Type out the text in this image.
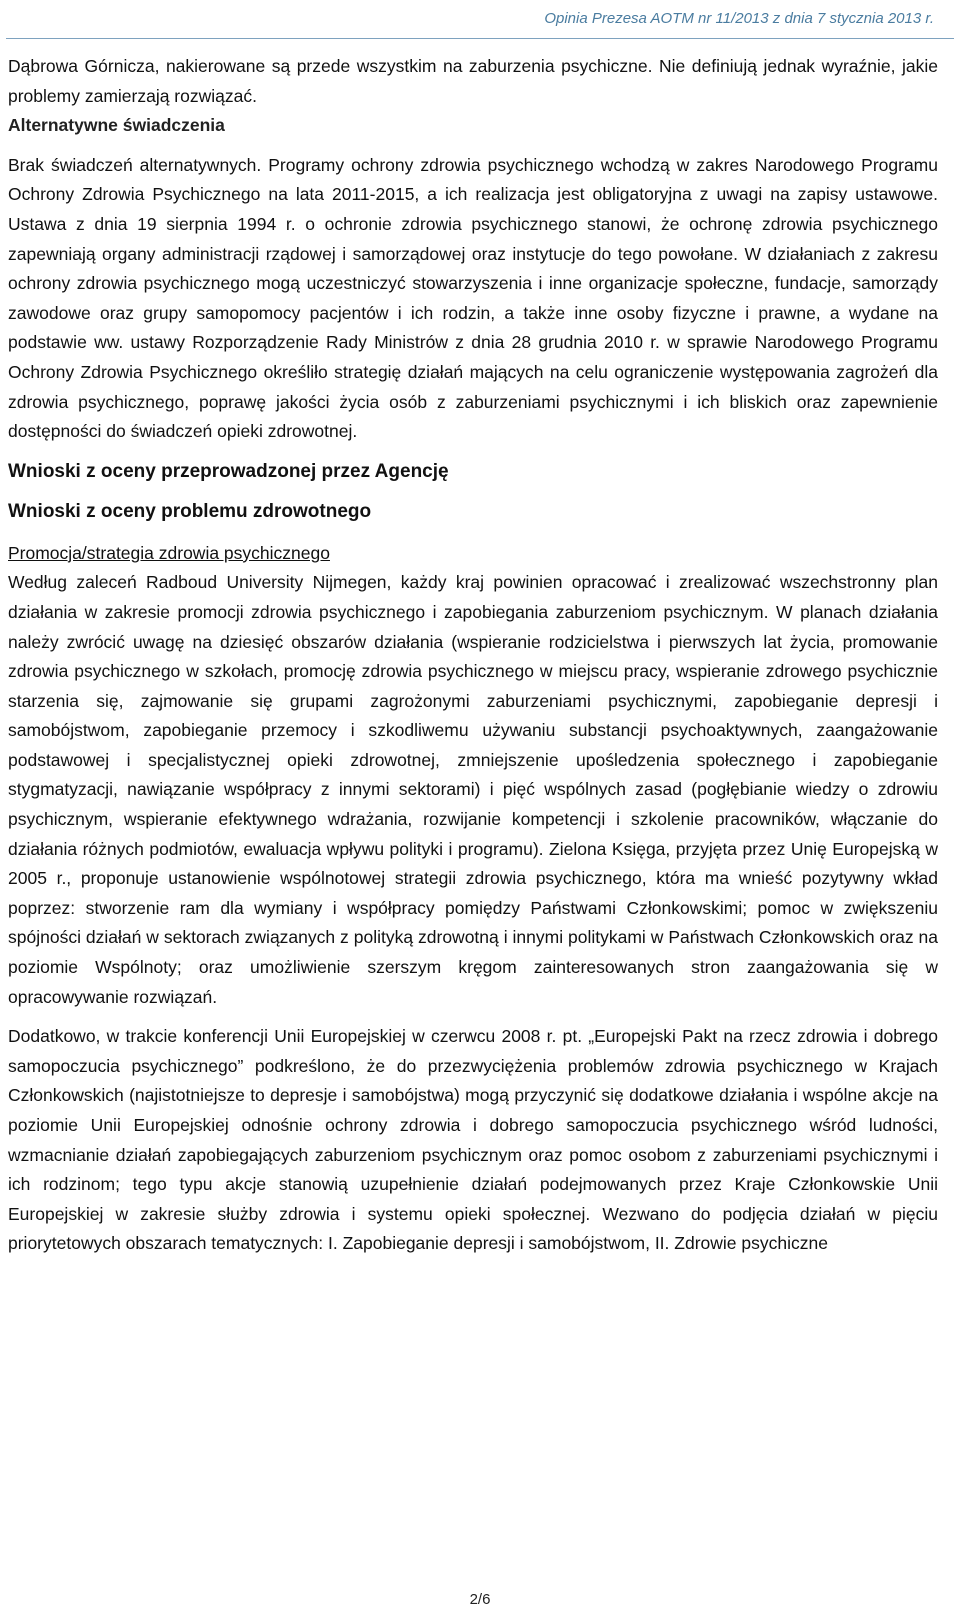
Opinia Prezesa AOTM nr 11/2013 z dnia 7 stycznia 2013 r.

Dąbrowa Górnicza, nakierowane są przede wszystkim na zaburzenia psychiczne. Nie definiują jednak wyraźnie, jakie problemy zamierzają rozwiązać.

Alternatywne świadczenia

Brak świadczeń alternatywnych. Programy ochrony zdrowia psychicznego wchodzą w zakres Narodowego Programu Ochrony Zdrowia Psychicznego na lata 2011-2015, a ich realizacja jest obligatoryjna z uwagi na zapisy ustawowe. Ustawa z dnia 19 sierpnia 1994 r. o ochronie zdrowia psychicznego stanowi, że ochronę zdrowia psychicznego zapewniają organy administracji rządowej i samorządowej oraz instytucje do tego powołane. W działaniach z zakresu ochrony zdrowia psychicznego mogą uczestniczyć stowarzyszenia i inne organizacje społeczne, fundacje, samorządy zawodowe oraz grupy samopomocy pacjentów i ich rodzin, a także inne osoby fizyczne i prawne, a wydane na podstawie ww. ustawy Rozporządzenie Rady Ministrów z dnia 28 grudnia 2010 r. w sprawie Narodowego Programu Ochrony Zdrowia Psychicznego określiło strategię działań mających na celu ograniczenie występowania zagrożeń dla zdrowia psychicznego, poprawę jakości życia osób z zaburzeniami psychicznymi i ich bliskich oraz zapewnienie dostępności do świadczeń opieki zdrowotnej.

Wnioski z oceny przeprowadzonej przez Agencję

Wnioski z oceny problemu zdrowotnego

Promocja/strategia zdrowia psychicznego

Według zaleceń Radboud University Nijmegen, każdy kraj powinien opracować i zrealizować wszechstronny plan działania w zakresie promocji zdrowia psychicznego i zapobiegania zaburzeniom psychicznym. W planach działania należy zwrócić uwagę na dziesięć obszarów działania (wspieranie rodzicielstwa i pierwszych lat życia, promowanie zdrowia psychicznego w szkołach, promocję zdrowia psychicznego w miejscu pracy, wspieranie zdrowego psychicznie starzenia się, zajmowanie się grupami zagrożonymi zaburzeniami psychicznymi, zapobieganie depresji i samobójstwom, zapobieganie przemocy i szkodliwemu używaniu substancji psychoaktywnych, zaangażowanie podstawowej i specjalistycznej opieki zdrowotnej, zmniejszenie upośledzenia społecznego i zapobieganie stygmatyzacji, nawiązanie współpracy z innymi sektorami) i pięć wspólnych zasad (pogłębianie wiedzy o zdrowiu psychicznym, wspieranie efektywnego wdrażania, rozwijanie kompetencji i szkolenie pracowników, włączanie do działania różnych podmiotów, ewaluacja wpływu polityki i programu). Zielona Księga, przyjęta przez Unię Europejską w 2005 r., proponuje ustanowienie wspólnotowej strategii zdrowia psychicznego, która ma wnieść pozytywny wkład poprzez: stworzenie ram dla wymiany i współpracy pomiędzy Państwami Członkowskimi; pomoc w zwiększeniu spójności działań w sektorach związanych z polityką zdrowotną i innymi politykami w Państwach Członkowskich oraz na poziomie Wspólnoty; oraz umożliwienie szerszym kręgom zainteresowanych stron zaangażowania się w opracowywanie rozwiązań.

Dodatkowo, w trakcie konferencji Unii Europejskiej w czerwcu 2008 r. pt. „Europejski Pakt na rzecz zdrowia i dobrego samopoczucia psychicznego” podkreślono, że do przezwyciężenia problemów zdrowia psychicznego w Krajach Członkowskich (najistotniejsze to depresje i samobójstwa) mogą przyczynić się dodatkowe działania i wspólne akcje na poziomie Unii Europejskiej odnośnie ochrony zdrowia i dobrego samopoczucia psychicznego wśród ludności, wzmacnianie działań zapobiegających zaburzeniom psychicznym oraz pomoc osobom z zaburzeniami psychicznymi i ich rodzinom; tego typu akcje stanowią uzupełnienie działań podejmowanych przez Kraje Członkowskie Unii Europejskiej w zakresie służby zdrowia i systemu opieki społecznej. Wezwano do podjęcia działań w pięciu priorytetowych obszarach tematycznych: I. Zapobieganie depresji i samobójstwom, II. Zdrowie psychiczne

2/6
